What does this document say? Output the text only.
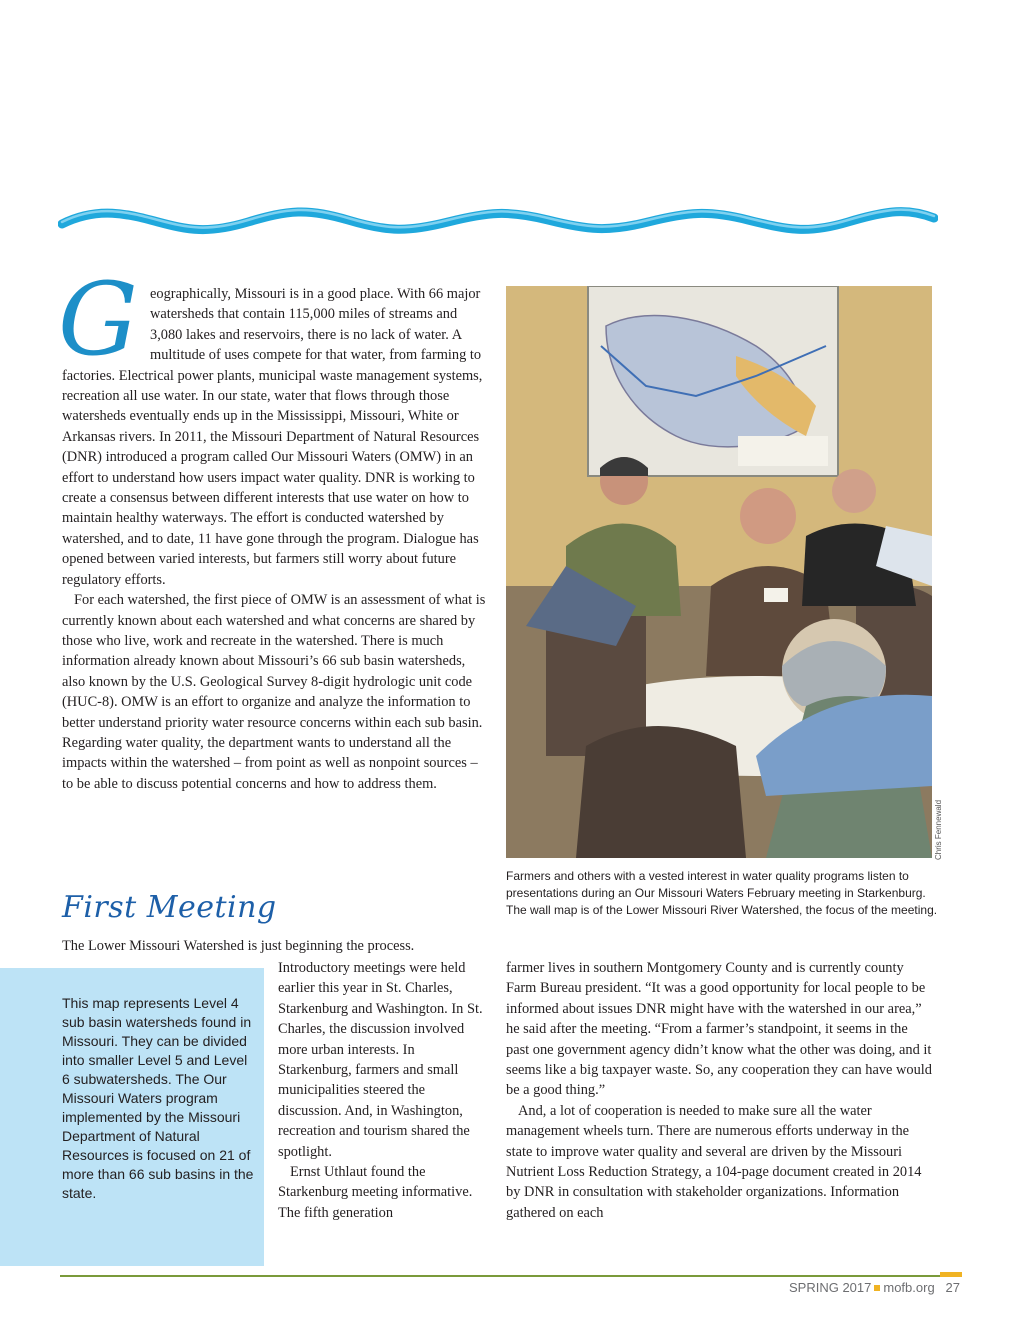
G eographically, Missouri is in a good place. With 66 major watersheds that contain 115,000 miles of streams and 3,080 lakes and reservoirs, there is no lack of water. A multitude of uses compete for that water, from farming to factories. Electrical power plants, municipal waste management systems, recreation all use water. In our state, water that flows through those watersheds eventually ends up in the Mississippi, Missouri, White or Arkansas rivers. In 2011, the Missouri Department of Natural Resources (DNR) introduced a program called Our Missouri Waters (OMW) in an effort to understand how users impact water quality. DNR is working to create a consensus between different interests that use water on how to maintain healthy waterways. The effort is conducted watershed by watershed, and to date, 11 have gone through the program. Dialogue has opened between varied interests, but farmers still worry about future regulatory efforts.

For each watershed, the first piece of OMW is an assessment of what is currently known about each watershed and what concerns are shared by those who live, work and recreate in the watershed. There is much information already known about Missouri’s 66 sub basin watersheds, also known by the U.S. Geological Survey 8-digit hydrologic unit code (HUC-8). OMW is an effort to organize and analyze the information to better understand priority water resource concerns within each sub basin. Regarding water quality, the department wants to understand all the impacts within the watershed – from point as well as nonpoint sources – to be able to discuss potential concerns and how to address them.

Chris Fennewald
Farmers and others with a vested interest in water quality programs listen to presentations during an Our Missouri Waters February meeting in Starkenburg. The wall map is of the Lower Missouri River Watershed, the focus of the meeting.
First Meeting
The Lower Missouri Watershed is just beginning the process.
This map represents Level 4 sub basin watersheds found in Missouri. They can be divided into smaller Level 5 and Level 6 subwatersheds. The Our Missouri Waters program implemented by the Missouri Department of Natural Resources is focused on 21 of more than 66 sub basins in the state.

Introductory meetings were held earlier this year in St. Charles, Starkenburg and Washington. In St. Charles, the discussion involved more urban interests. In Starkenburg, farmers and small municipalities steered the discussion. And, in Washington, recreation and tourism shared the spotlight.

Ernst Uthlaut found the Starkenburg meeting informative. The fifth generation

farmer lives in southern Montgomery County and is currently county Farm Bureau president. “It was a good opportunity for local people to be informed about issues DNR might have with the watershed in our area,” he said after the meeting. “From a farmer’s standpoint, it seems in the past one government agency didn’t know what the other was doing, and it seems like a big taxpayer waste. So, any cooperation they can have would be a good thing.”

And, a lot of cooperation is needed to make sure all the water management wheels turn. There are numerous efforts underway in the state to improve water quality and several are driven by the Missouri Nutrient Loss Reduction Strategy, a 104-page document created in 2014 by DNR in consultation with stakeholder organizations. Information gathered on each

SPRING 2017 mofb.org 27
